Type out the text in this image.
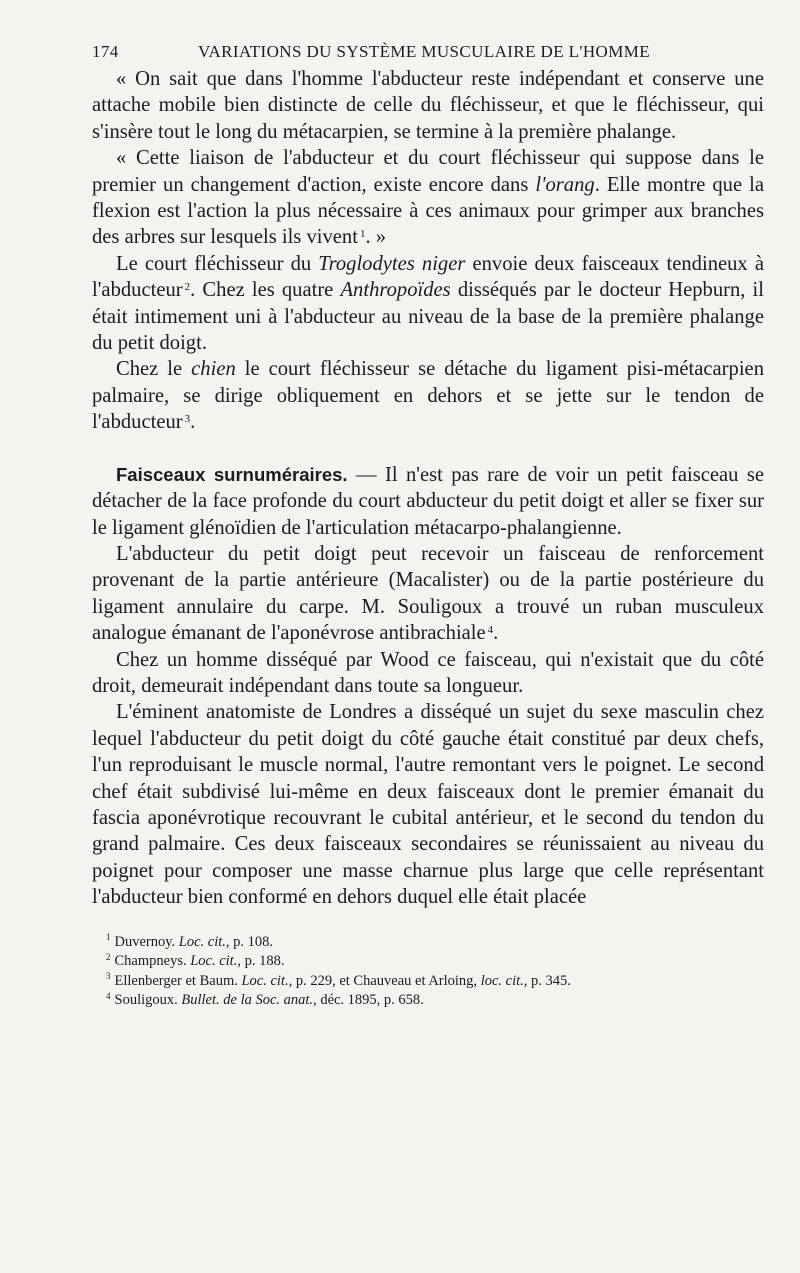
174	VARIATIONS DU SYSTÈME MUSCULAIRE DE L'HOMME

« On sait que dans l'homme l'abducteur reste indépendant et conserve une attache mobile bien distincte de celle du fléchisseur, et que le fléchisseur, qui s'insère tout le long du métacarpien, se termine à la première phalange.

« Cette liaison de l'abducteur et du court fléchisseur qui suppose dans le premier un changement d'action, existe encore dans l'orang. Elle montre que la flexion est l'action la plus nécessaire à ces animaux pour grimper aux branches des arbres sur lesquels ils vivent $^1$. »

Le court fléchisseur du Troglodytes niger envoie deux faisceaux tendineux à l'abducteur $^2$. Chez les quatre Anthropoïdes disséqués par le docteur Hepburn, il était intimement uni à l'abducteur au niveau de la base de la première phalange du petit doigt.

Chez le chien le court fléchisseur se détache du ligament pisi-métacarpien palmaire, se dirige obliquement en dehors et se jette sur le tendon de l'abducteur $^3$.

Faisceaux surnuméraires. — Il n'est pas rare de voir un petit faisceau se détacher de la face profonde du court abducteur du petit doigt et aller se fixer sur le ligament glénoïdien de l'articulation métacarpo-phalangienne.

L'abducteur du petit doigt peut recevoir un faisceau de renforcement provenant de la partie antérieure (Macalister) ou de la partie postérieure du ligament annulaire du carpe. M. Souligoux a trouvé un ruban musculeux analogue émanant de l'aponévrose antibrachiale $^4$.

Chez un homme disséqué par Wood ce faisceau, qui n'existait que du côté droit, demeurait indépendant dans toute sa longueur.

L'éminent anatomiste de Londres a disséqué un sujet du sexe masculin chez lequel l'abducteur du petit doigt du côté gauche était constitué par deux chefs, l'un reproduisant le muscle normal, l'autre remontant vers le poignet. Le second chef était subdivisé lui-même en deux faisceaux dont le premier émanait du fascia aponévrotique recouvrant le cubital antérieur, et le second du tendon du grand palmaire. Ces deux faisceaux secondaires se réunissaient au niveau du poignet pour composer une masse charnue plus large que celle représentant l'abducteur bien conformé en dehors duquel elle était placée

$^1$ Duvernoy. Loc. cit., p. 108.
$^2$ Champneys. Loc. cit., p. 188.
$^3$ Ellenberger et Baum. Loc. cit., p. 229, et Chauveau et Arloing, loc. cit., p. 345.
$^4$ Souligoux. Bullet. de la Soc. anat., déc. 1895, p. 658.
